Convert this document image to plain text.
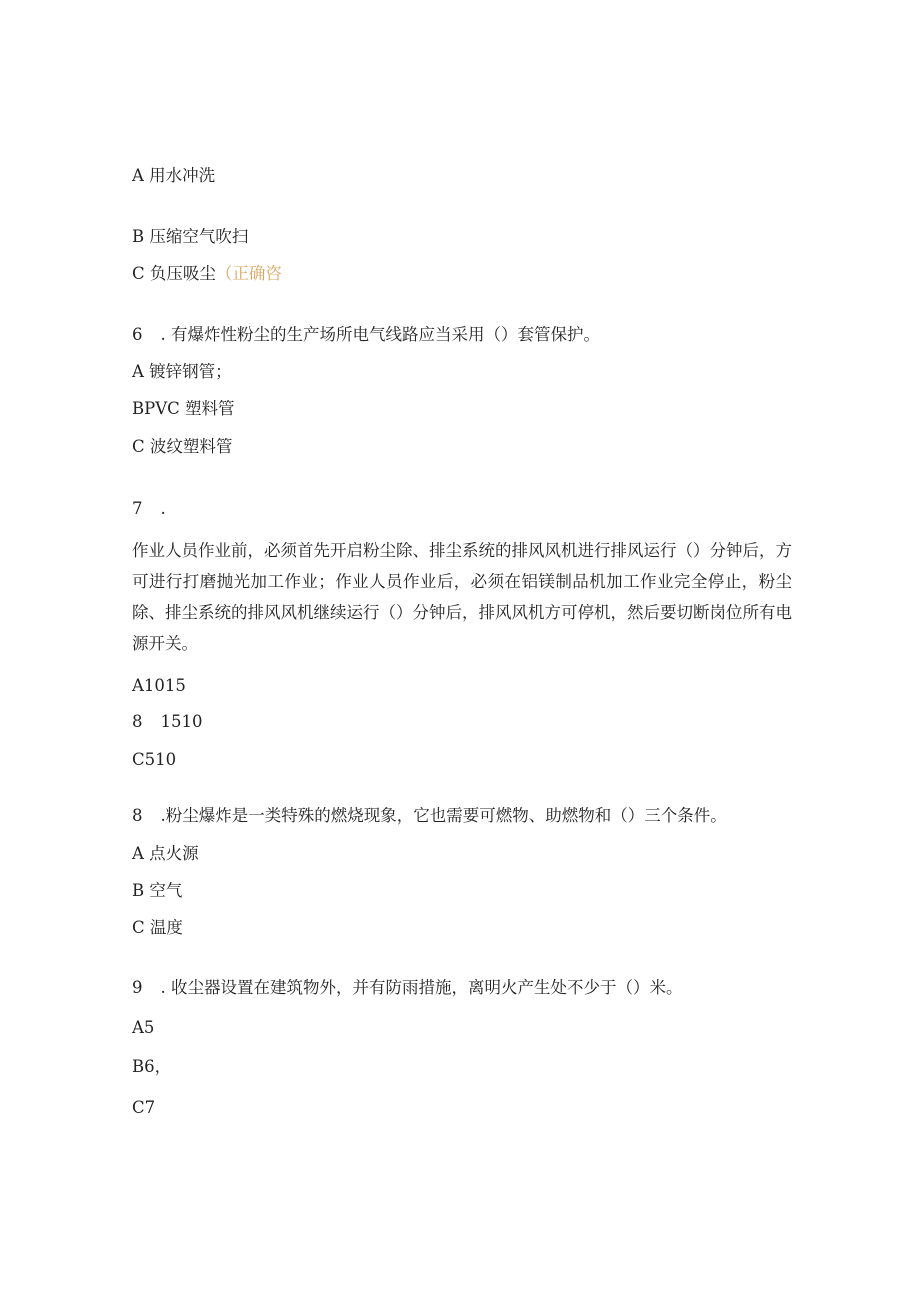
A 用水冲洗
B 压缩空气吹扫
C 负压吸尘（正确咨
6 . 有爆炸性粉尘的生产场所电气线路应当采用（）套管保护。
A 镀锌钢管；
BPVC 塑料管
C 波纹塑料管
7 .
作业人员作业前，必须首先开启粉尘除、排尘系统的排风风机进行排风运行（）分钟后，方可进行打磨抛光加工作业；作业人员作业后，必须在铝镁制品机加工作业完全停止，粉尘除、排尘系统的排风风机继续运行（）分钟后，排风风机方可停机，然后要切断岗位所有电源开关。
A1015
8 1510
C510
8 .粉尘爆炸是一类特殊的燃烧现象，它也需要可燃物、助燃物和（）三个条件。
A 点火源
B 空气
C 温度
9 . 收尘器设置在建筑物外，并有防雨措施，离明火产生处不少于（）米。
A5
B6，
C7
